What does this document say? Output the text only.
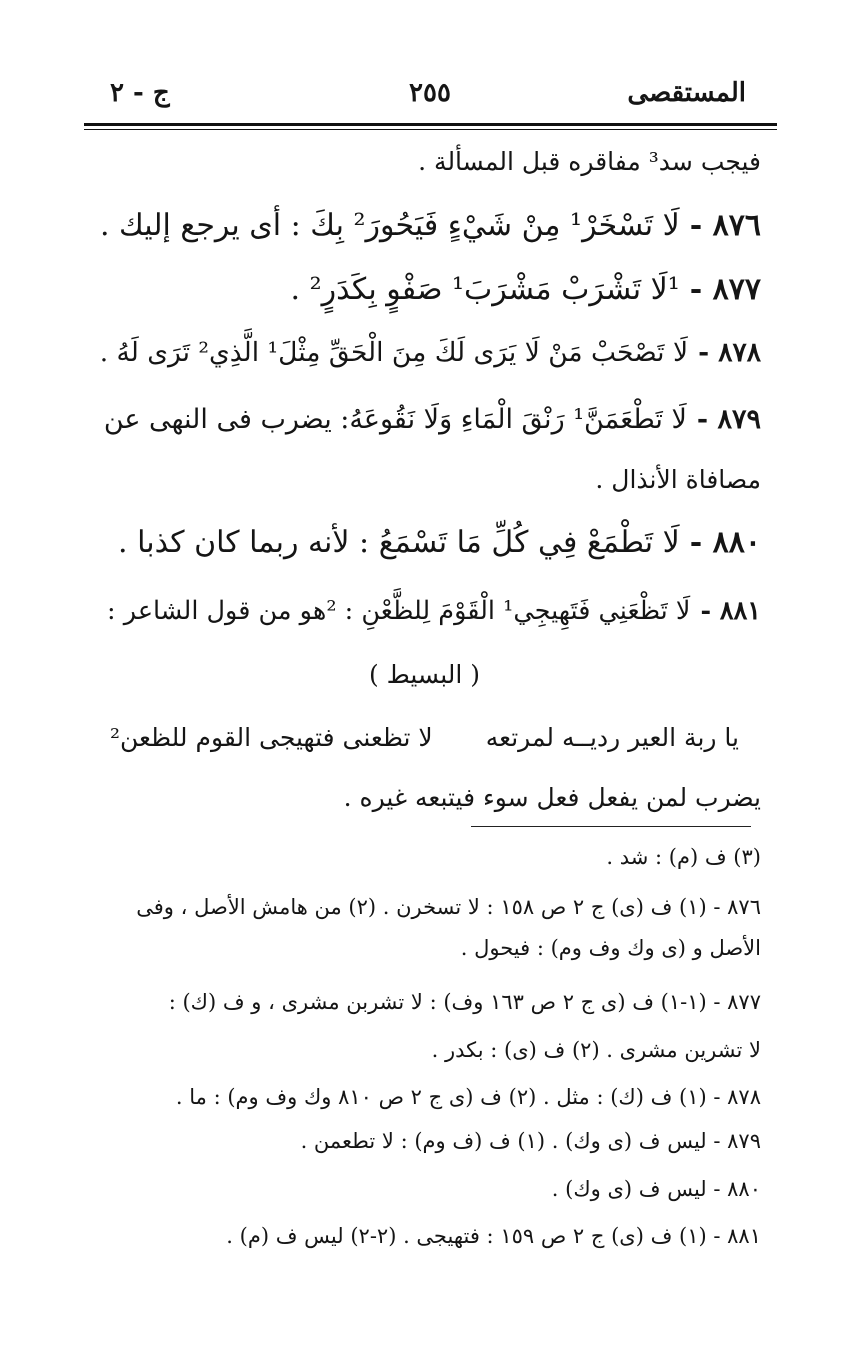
المستقصى
٢٥٥
ج - ٢
فيجب سد³ مفاقره قبل المسألة .
٨٧٦ -لَا تَسْخَرْ¹ مِنْ شَيْءٍ فَيَحُورَ² بِكَ : أى يرجع إليك .
٨٧٧ -¹لَا تَشْرَبْ مَشْرَبَ¹ صَفْوٍ بِكَدَرٍ² .
٨٧٨ -لَا تَصْحَبْ مَنْ لَا يَرَى لَكَ مِنَ الْحَقِّ مِثْلَ¹ الَّذِي² تَرَى لَهُ .
٨٧٩ -لَا تَطْعَمَنَّ¹ رَنْقَ الْمَاءِ وَلَا نَقُوعَهُ: يضرب فى النهى عن
مصافاة الأنذال .
٨٨٠ -لَا تَطْمَعْ فِي كُلِّ مَا تَسْمَعُ : لأنه ربما كان كذبا .
٨٨١ -لَا تَظْعَنِي فَتَهِيجِي¹ الْقَوْمَ لِلظَّعْنِ : ²هو من قول الشاعر :
( البسيط )
يا ربة العير رديــه لمرتعه
لا تظعنى فتهيجى القوم للظعن²
يضرب لمن يفعل فعل سوء فيتبعه غيره .
(٣) ف (م) : شد .
٨٧٦ - (١) ف (ى) ج ٢ ص ١٥٨ : لا تسخرن . (٢) من هامش الأصل ، وفى
الأصل و (ى وك وف وم) : فيحول .
٨٧٧ - (١-١) ف (ى ج ٢ ص ١٦٣ وف) : لا تشربن مشرى ، و ف (ك) :
لا تشرين مشرى . (٢) ف (ى) : بكدر .
٨٧٨ - (١) ف (ك) : مثل . (٢) ف (ى ج ٢ ص ٨١٠ وك وف وم) : ما .
٨٧٩ - ليس ف (ى وك) . (١) ف (ف وم) : لا تطعمن .
٨٨٠ - ليس ف (ى وك) .
٨٨١ - (١) ف (ى) ج ٢ ص ١٥٩ : فتهيجى . (٢-٢) ليس ف (م) .
